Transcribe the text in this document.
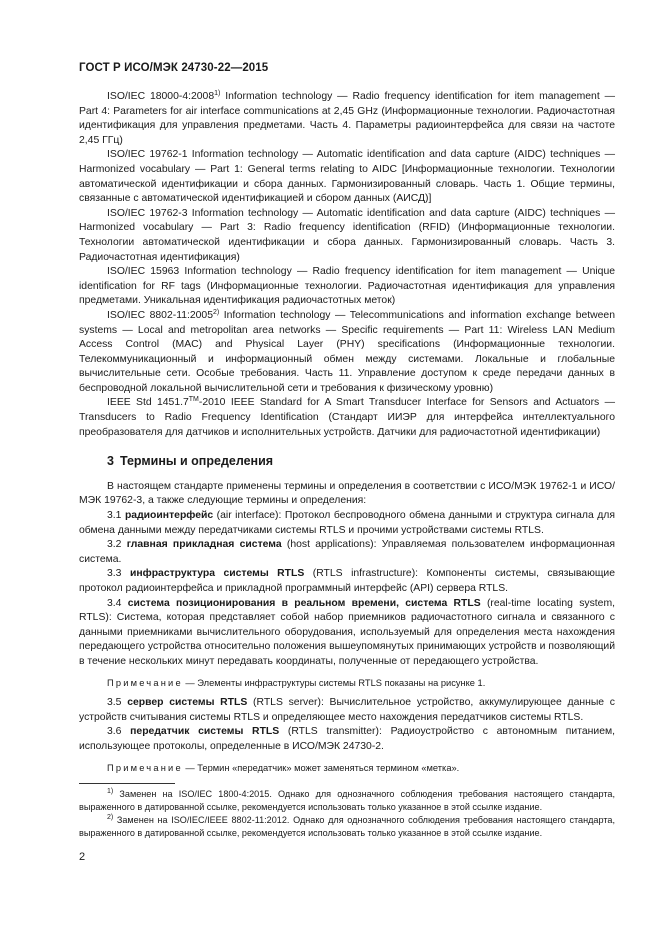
ГОСТ Р ИСО/МЭК 24730-22—2015

ISO/IEC 18000-4:2008$^{1)}$ Information technology — Radio frequency identification for item management — Part 4: Parameters for air interface communications at 2,45 GHz (Информационные технологии. Радиочастотная идентификация для управления предметами. Часть 4. Параметры радиоинтерфейса для связи на частоте 2,45 ГГц)

ISO/IEC 19762-1 Information technology — Automatic identification and data capture (AIDC) techniques — Harmonized vocabulary — Part 1: General terms relating to AIDC [Информационные технологии. Технологии автоматической идентификации и сбора данных. Гармонизированный словарь. Часть 1. Общие термины, связанные с автоматической идентификацией и сбором данных (АИСД)]

ISO/IEC 19762-3 Information technology — Automatic identification and data capture (AIDC) techniques — Harmonized vocabulary — Part 3: Radio frequency identification (RFID) (Информационные технологии. Технологии автоматической идентификации и сбора данных. Гармонизированный словарь. Часть 3. Радиочастотная идентификация)

ISO/IEC 15963 Information technology — Radio frequency identification for item management — Unique identification for RF tags (Информационные технологии. Радиочастотная идентификация для управления предметами. Уникальная идентификация радиочастотных меток)

ISO/IEC 8802-11:2005$^{2)}$ Information technology — Telecommunications and information exchange between systems — Local and metropolitan area networks — Specific requirements — Part 11: Wireless LAN Medium Access Control (MAC) and Physical Layer (PHY) specifications (Информационные технологии. Телекоммуникационный и информационный обмен между системами. Локальные и глобальные вычислительные сети. Особые требования. Часть 11. Управление доступом к среде передачи данных в беспроводной локальной вычислительной сети и требования к физическому уровню)

IEEE Std 1451.7™-2010 IEEE Standard for A Smart Transducer Interface for Sensors and Actuators — Transducers to Radio Frequency Identification (Стандарт ИИЭР для интерфейса интеллектуального преобразователя для датчиков и исполнительных устройств. Датчики для радиочастотной идентификации)

3 Термины и определения

В настоящем стандарте применены термины и определения в соответствии с ИСО/МЭК 19762-1 и ИСО/МЭК 19762-3, а также следующие термины и определения:

3.1 радиоинтерфейс (air interface): Протокол беспроводного обмена данными и структура сигнала для обмена данными между передатчиками системы RTLS и прочими устройствами системы RTLS.

3.2 главная прикладная система (host applications): Управляемая пользователем информационная система.

3.3 инфраструктура системы RTLS (RTLS infrastructure): Компоненты системы, связывающие протокол радиоинтерфейса и прикладной программный интерфейс (API) сервера RTLS.

3.4 система позиционирования в реальном времени, система RTLS (real-time locating system, RTLS): Система, которая представляет собой набор приемников радиочастотного сигнала и связанного с данными приемниками вычислительного оборудования, используемый для определения места нахождения передающего устройства относительно положения вышеупомянутых принимающих устройств и позволяющий в течение нескольких минут передавать координаты, полученные от передающего устройства.

Примечание — Элементы инфраструктуры системы RTLS показаны на рисунке 1.

3.5 сервер системы RTLS (RTLS server): Вычислительное устройство, аккумулирующее данные с устройств считывания системы RTLS и определяющее место нахождения передатчиков системы RTLS.

3.6 передатчик системы RTLS (RTLS transmitter): Радиоустройство с автономным питанием, использующее протоколы, определенные в ИСО/МЭК 24730-2.

Примечание — Термин «передатчик» может заменяться термином «метка».

$^{1)}$ Заменен на ISO/IEC 1800-4:2015. Однако для однозначного соблюдения требования настоящего стандарта, выраженного в датированной ссылке, рекомендуется использовать только указанное в этой ссылке издание.

$^{2)}$ Заменен на ISO/IEC/IEEE 8802-11:2012. Однако для однозначного соблюдения требования настоящего стандарта, выраженного в датированной ссылке, рекомендуется использовать только указанное в этой ссылке издание.

2
